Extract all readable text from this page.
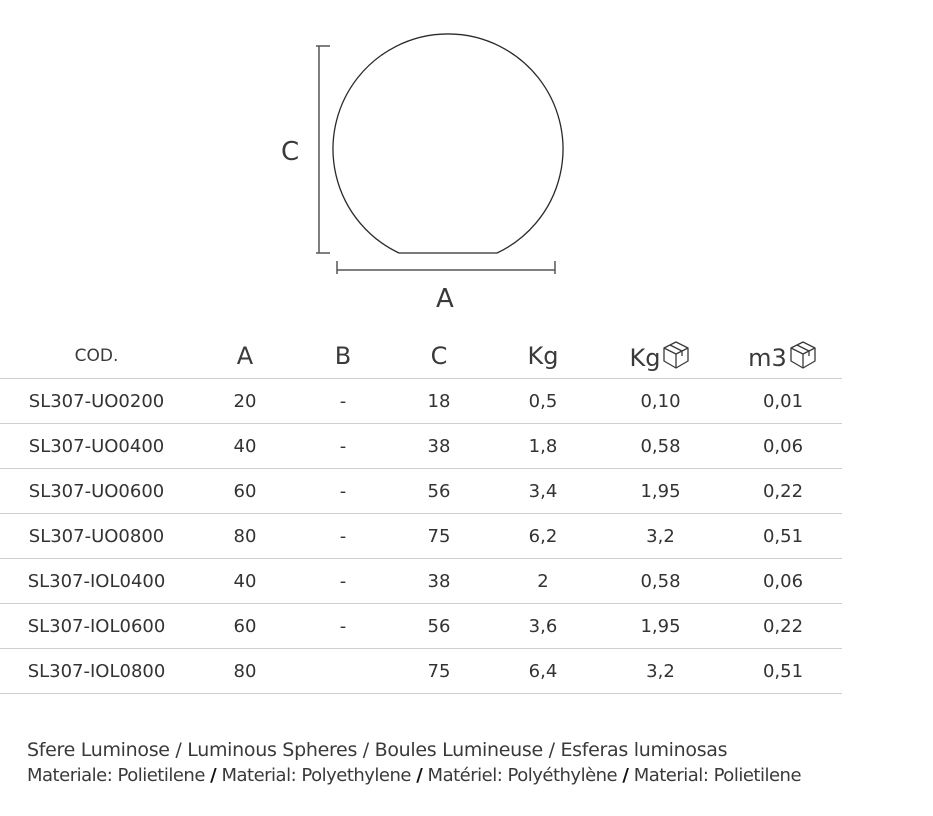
C
A
COD.	A	B	C	Kg	Kg	m3

SL307-UO0200	20	-	18	0,5	0,10	0,01
SL307-UO0400	40	-	38	1,8	0,58	0,06
SL307-UO0600	60	-	56	3,4	1,95	0,22
SL307-UO0800	80	-	75	6,2	3,2	0,51
SL307-IOL0400	40	-	38	2	0,58	0,06
SL307-IOL0600	60	-	56	3,6	1,95	0,22
SL307-IOL0800	80		75	6,4	3,2	0,51
Sfere Luminose / Luminous Spheres / Boules Lumineuse / Esferas luminosas
Materiale: Polietilene / Material: Polyethylene / Matériel: Polyéthylène / Material: Polietilene
